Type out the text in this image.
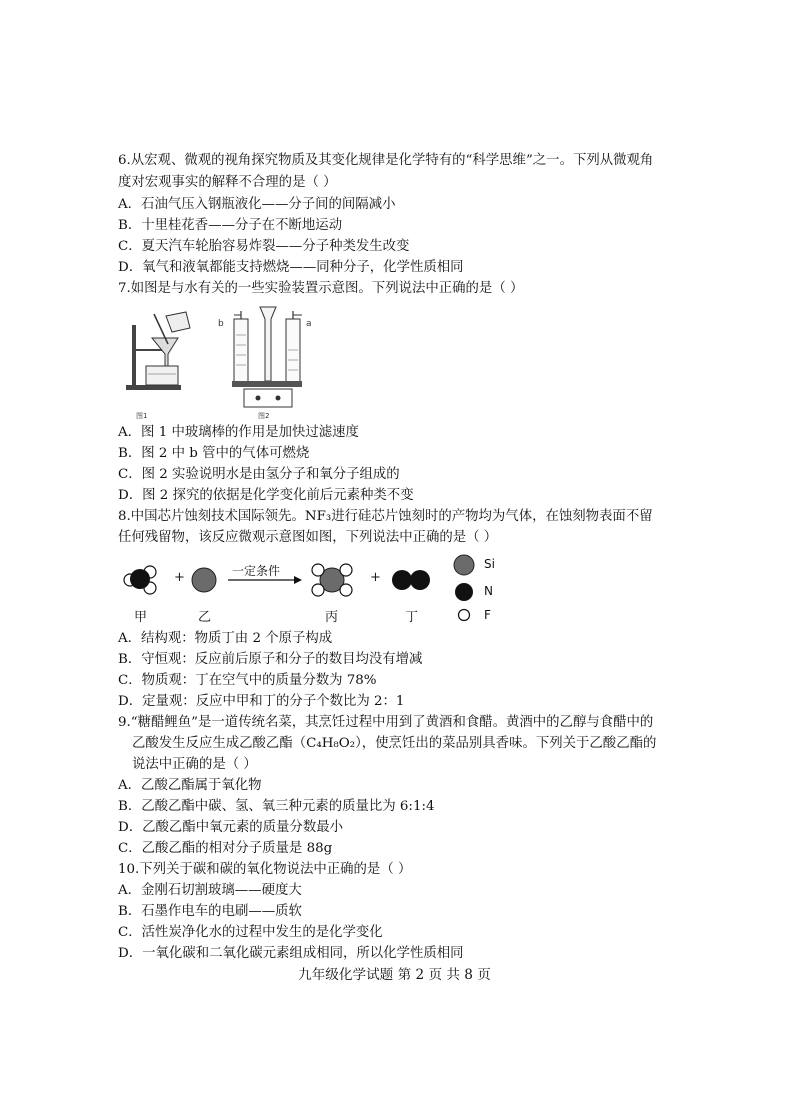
6.从宏观、微观的视角探究物质及其变化规律是化学特有的“科学思维”之一。下列从微观角
度对宏观事实的解释不合理的是（ ）
A．石油气压入钢瓶液化——分子间的间隔减小
B．十里桂花香——分子在不断地运动
C．夏天汽车轮胎容易炸裂——分子种类发生改变
D．氧气和液氧都能支持燃烧——同种分子，化学性质相同
7.如图是与水有关的一些实验装置示意图。下列说法中正确的是（ ）
图1
b	a
图2
A．图 1 中玻璃棒的作用是加快过滤速度
B．图 2 中 b 管中的气体可燃烧
C．图 2 实验说明水是由氢分子和氧分子组成的
D．图 2 探究的依据是化学变化前后元素种类不变
8.中国芯片蚀刻技术国际领先。NF₃进行硅芯片蚀刻时的产物均为气体，在蚀刻物表面不留
任何残留物，该反应微观示意图如图，下列说法中正确的是（ ）
+	+
一定条件
甲	乙	丙	丁
Si
N
F
A．结构观：物质丁由 2 个原子构成
B．守恒观：反应前后原子和分子的数目均没有增减
C．物质观：丁在空气中的质量分数为 78%
D．定量观：反应中甲和丁的分子个数比为 2：1
9.“糖醋鲤鱼”是一道传统名菜，其烹饪过程中用到了黄酒和食醋。黄酒中的乙醇与食醋中的
乙酸发生反应生成乙酸乙酯（C₄H₈O₂），使烹饪出的菜品别具香味。下列关于乙酸乙酯的
说法中正确的是（ ）
A．乙酸乙酯属于氧化物
B．乙酸乙酯中碳、氢、氧三种元素的质量比为 6:1:4
D．乙酸乙酯中氧元素的质量分数最小
C．乙酸乙酯的相对分子质量是 88g
10.下列关于碳和碳的氧化物说法中正确的是（ ）
A．金刚石切割玻璃——硬度大
B．石墨作电车的电刷——质软
C．活性炭净化水的过程中发生的是化学变化
D．一氧化碳和二氧化碳元素组成相同，所以化学性质相同
九年级化学试题 第 2 页 共 8 页
